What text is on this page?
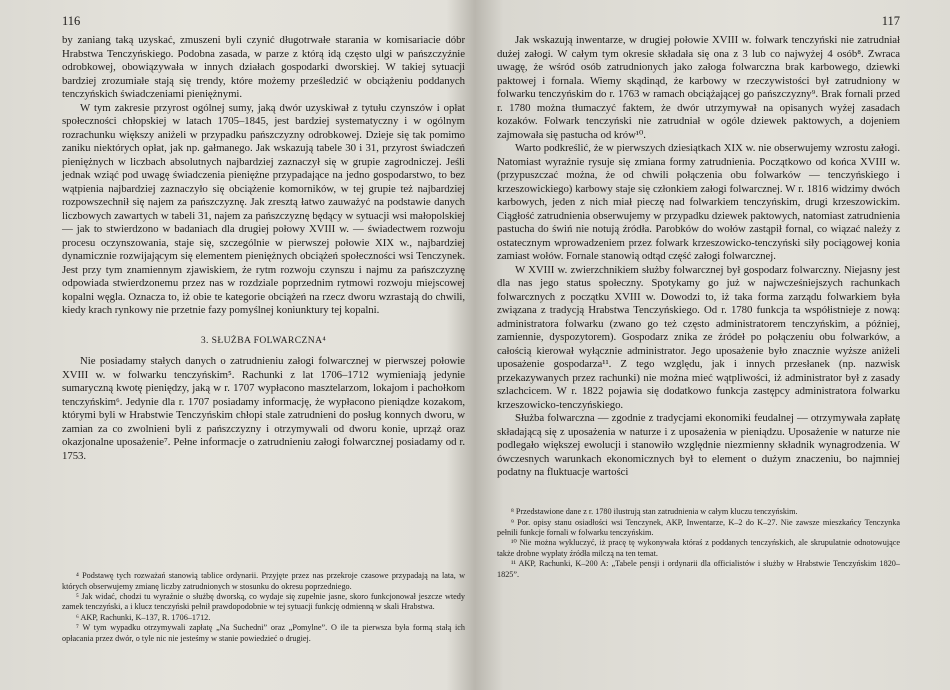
116

by zaniang taką uzyskać, zmuszeni byli czynić długotrwałe starania w komisariacie dóbr Hrabstwa Tenczyńskiego. Podobna zasada, w parze z którą idą często ulgi w pańszczyźnie odrobkowej, obowiązywała w innych działach gospodarki dworskiej. W takiej sytuacji bardziej zrozumiałe stają się trendy, które możemy prześledzić w obciążeniu poddanych tenczyńskich świadczeniami pieniężnymi.

W tym zakresie przyrost ogólnej sumy, jaką dwór uzyskiwał z tytułu czynszów i opłat społeczności chłopskiej w latach 1705–1845, jest bardziej systematyczny i w ogólnym rozrachunku większy aniżeli w przypadku pańszczyzny odrobkowej. Dzieje się tak pomimo zaniku niektórych opłat, jak np. gałmanego. Jak wskazują tabele 30 i 31, przyrost świadczeń pieniężnych w liczbach absolutnych najbardziej zaznaczył się w grupie zagrodniczej. Jeśli jednak wziąć pod uwagę świadczenia pieniężne przypadające na jedno gospodarstwo, to bez wątpienia najbardziej zaznaczyło się obciążenie komorników, w tej grupie też najbardziej rozpowszechnił się najem za pańszczyznę. Jak zresztą łatwo zauważyć na podstawie danych liczbowych zawartych w tabeli 31, najem za pańszczyznę będący w sytuacji wsi małopolskiej — jak to stwierdzono w badaniach dla drugiej połowy XVIII w. — świadectwem rozwoju procesu oczynszowania, staje się, szczególnie w pierwszej połowie XIX w., najbardziej dynamicznie rozwijającym się elementem pieniężnych obciążeń społeczności wsi Tenczynek. Jest przy tym znamiennym zjawiskiem, że rytm rozwoju czynszu i najmu za pańszczyznę odpowiada stwierdzonemu przez nas w rozdziale poprzednim rytmowi rozwoju miejscowej kopalni węgla. Oznacza to, iż obie te kategorie obciążeń na rzecz dworu wzrastają do chwili, kiedy krach rynkowy nie przetnie fazy pomyślnej koniunktury tej kopalni.

3. SŁUŻBA FOLWARCZNA⁴

Nie posiadamy stałych danych o zatrudnieniu załogi folwarcznej w pierwszej połowie XVIII w. w folwarku tenczyńskim⁵. Rachunki z lat 1706–1712 wymieniają jedynie sumaryczną kwotę pieniędzy, jaką w r. 1707 wypłacono masztelarzom, lokajom i pachołkom tenczyńskim⁶. Jedynie dla r. 1707 posiadamy informację, że wypłacono pieniądze kozakom, którymi byli w Hrabstwie Tenczyńskim chłopi stale zatrudnieni do posług konnych dworu, w zamian za co zwolnieni byli z pańszczyzny i otrzymywali od dworu konie, uprząż oraz okazjonalne uposażenie⁷. Pełne informacje o zatrudnieniu załogi folwarcznej posiadamy od r. 1753.

⁴ Podstawę tych rozważań stanowią tablice ordynarii. Przyjęte przez nas przekroje czasowe przypadają na lata, w których obserwujemy zmianę liczby zatrudnionych w stosunku do okresu poprzedniego.

⁵ Jak widać, chodzi tu wyraźnie o służbę dworską, co wydaje się zupełnie jasne, skoro funkcjonował jeszcze wtedy zamek tenczyński, a i klucz tenczyński pełnił prawdopodobnie w tej sytuacji funkcję odmienną w skali Hrabstwa.

⁶ AKP, Rachunki, K–137, R. 1706–1712.

⁷ W tym wypadku otrzymywali zapłatę „Na Suchedni” oraz „Pomylne”. O ile ta pierwsza była formą stałą ich opłacania przez dwór, o tyle nic nie jesteśmy w stanie powiedzieć o drugiej.

117

Jak wskazują inwentarze, w drugiej połowie XVIII w. folwark tenczyński nie zatrudniał dużej załogi. W całym tym okresie składała się ona z 3 lub co najwyżej 4 osób⁸. Zwraca uwagę, że wśród osób zatrudnionych jako załoga folwarczna brak karbowego, dziewki paktowej i fornala. Wiemy skądinąd, że karbowy w rzeczywistości był zatrudniony w folwarku tenczyńskim do r. 1763 w ramach obciążającej go pańszczyzny⁹. Brak fornali przed r. 1780 można tłumaczyć faktem, że dwór utrzymywał na opisanych wyżej zasadach kozaków. Folwark tenczyński nie zatrudniał w ogóle dziewek paktowych, a dojeniem zajmowała się pastucha od krów¹⁰.

Warto podkreślić, że w pierwszych dziesiątkach XIX w. nie obserwujemy wzrostu załogi. Natomiast wyraźnie rysuje się zmiana formy zatrudnienia. Początkowo od końca XVIII w. (przypuszczać można, że od chwili połączenia obu folwarków — tenczyńskiego i krzeszowickiego) karbowy staje się członkiem załogi folwarcznej. W r. 1816 widzimy dwóch karbowych, jeden z nich miał pieczę nad folwarkiem tenczyńskim, drugi krzeszowickim. Ciągłość zatrudnienia obserwujemy w przypadku dziewek paktowych, natomiast zatrudnienia pastucha do świń nie notują źródła. Parobków do wołów zastąpił fornal, co wiązać należy z ostatecznym wprowadzeniem przez folwark krzeszowicko-tenczyński siły pociągowej konia zamiast wołów. Fornale stanowią odtąd część załogi folwarcznej.

W XVIII w. zwierzchnikiem służby folwarcznej był gospodarz folwarczny. Niejasny jest dla nas jego status społeczny. Spotykamy go już w najwcześniejszych rachunkach folwarcznych z początku XVIII w. Dowodzi to, iż taka forma zarządu folwarkiem była związana z tradycją Hrabstwa Tenczyńskiego. Od r. 1780 funkcja ta współistnieje z nową: administratora folwarku (zwano go też często administratorem tenczyńskim, a później, zamiennie, dyspozytorem). Gospodarz znika ze źródeł po połączeniu obu folwarków, a całością kierował wyłącznie administrator. Jego uposażenie było znacznie wyższe aniżeli uposażenie gospodarza¹¹. Z tego względu, jak i innych przesłanek (np. nazwisk przekazywanych przez rachunki) nie można mieć wątpliwości, iż administrator był z zasady szlachcicem. W r. 1822 pojawia się dodatkowo funkcja zastępcy administratora folwarku krzeszowicko-tenczyńskiego.

Służba folwarczna — zgodnie z tradycjami ekonomiki feudalnej — otrzymywała zapłatę składającą się z uposażenia w naturze i z uposażenia w pieniądzu. Uposażenie w naturze nie podlegało większej ewolucji i stanowiło względnie niezmienny składnik wynagrodzenia. W ówczesnych warunkach ekonomicznych był to element o dużym znaczeniu, bo najmniej podatny na fluktuacje wartości

⁸ Przedstawione dane z r. 1780 ilustrują stan zatrudnienia w całym kluczu tenczyńskim.

⁹ Por. opisy stanu osiadłości wsi Tenczynek, AKP, Inwentarze, K–2 do K–27. Nie zawsze mieszkańcy Tenczynka pełnili funkcje fornali w folwarku tenczyńskim.

¹⁰ Nie można wykluczyć, iż pracę tę wykonywała któraś z poddanych tenczyńskich, ale skrupulatnie odnotowujące także drobne wypłaty źródła milczą na ten temat.

¹¹ AKP, Rachunki, K–200 A: „Tabele pensji i ordynarii dla officialistów i służby w Hrabstwie Tenczyńskim 1820–1825”.
